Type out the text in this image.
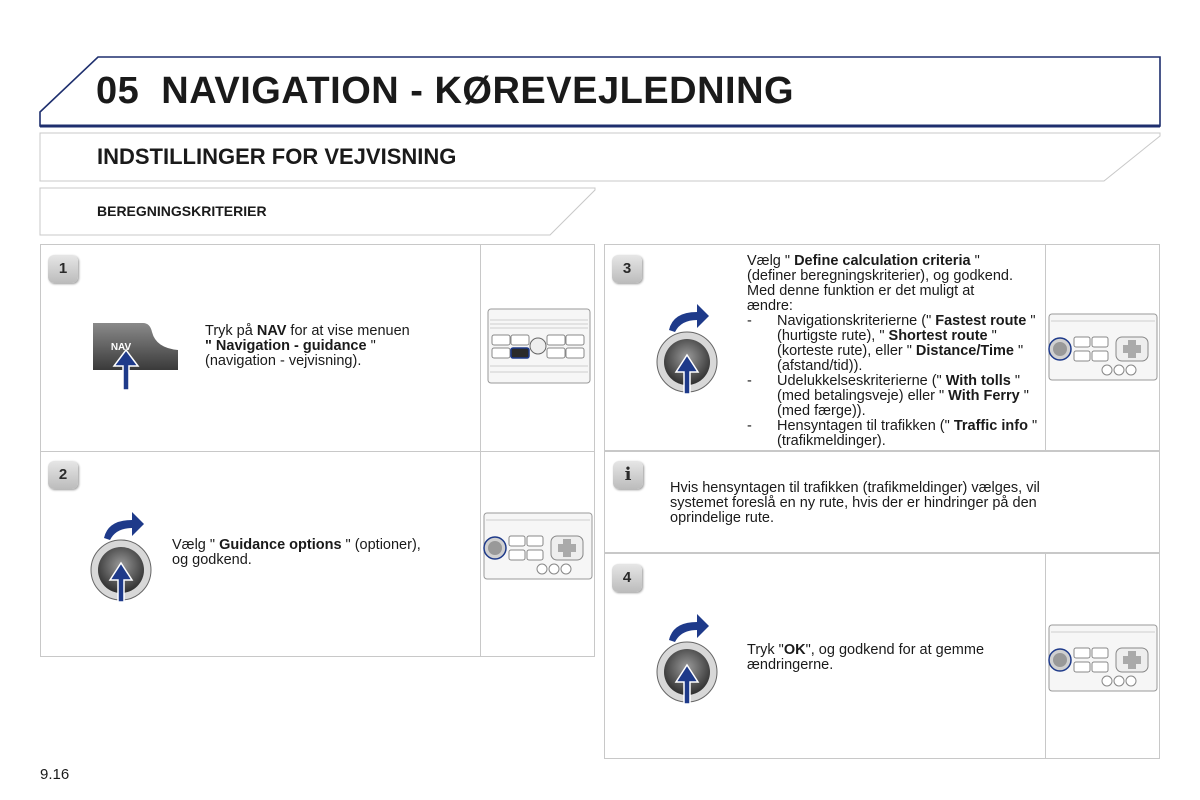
05 NAVIGATION - KØREVEJLEDNING
INDSTILLINGER FOR VEJVISNING
BEREGNINGSKRITERIER
1
NAV
Tryk på NAV for at vise menuen
" Navigation - guidance "
(navigation - vejvisning).
2
Vælg " Guidance options " (optioner),
og godkend.
3	Vælg " Define calculation criteria "
(definer beregningskriterier), og godkend.
Med denne funktion er det muligt at
ændre:
- Navigationskriterierne (" Fastest route " (hurtigste rute), " Shortest route " (korteste rute), eller " Distance/Time " (afstand/tid)).
- Udelukkelseskriterierne (" With tolls " (med betalingsveje) eller " With Ferry " (med færge)).
- Hensyntagen til trafikken (" Traffic info " (trafikmeldinger).
i
Hvis hensyntagen til trafikken (trafikmeldinger) vælges, vil
systemet foreslå en ny rute, hvis der er hindringer på den
oprindelige rute.
4
Tryk "OK", og godkend for at gemme
ændringerne.
9.16
